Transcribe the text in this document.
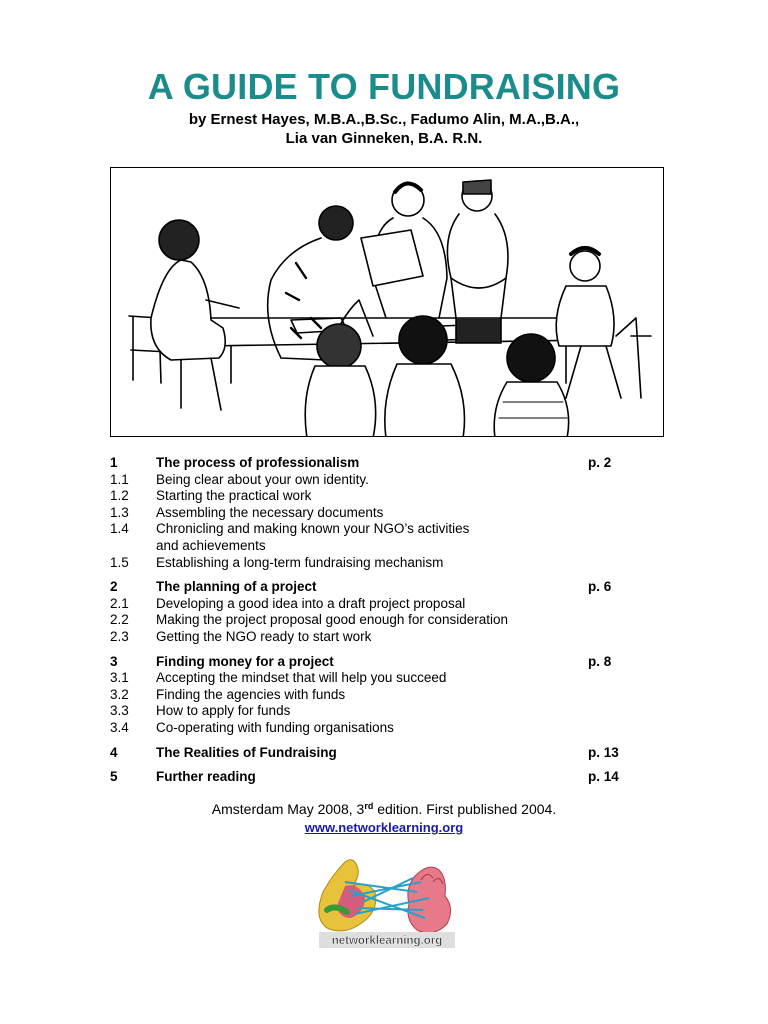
A GUIDE TO FUNDRAISING
by Ernest Hayes, M.B.A.,B.Sc., Fadumo Alin, M.A.,B.A.,
Lia van Ginneken, B.A. R.N.
1	The process of professionalism	p. 2
1.1	Being clear about your own identity.
1.2	Starting the practical work
1.3	Assembling the necessary documents
1.4	Chronicling and making known your NGO’s activities
and achievements
1.5	Establishing a long-term fundraising mechanism
2	The planning of a project	p. 6
2.1	Developing a good idea into a draft project proposal
2.2	Making the project proposal good enough for consideration
2.3	Getting the NGO ready to start work
3	Finding money for a project	p. 8
3.1	Accepting the mindset that will help you succeed
3.2	Finding the agencies with funds
3.3	How to apply for funds
3.4	Co-operating with funding organisations
4	The Realities of Fundraising	p. 13
5	Further reading	p. 14
Amsterdam May 2008, 3rd edition. First published 2004.
www.networklearning.org
networklearning.org
